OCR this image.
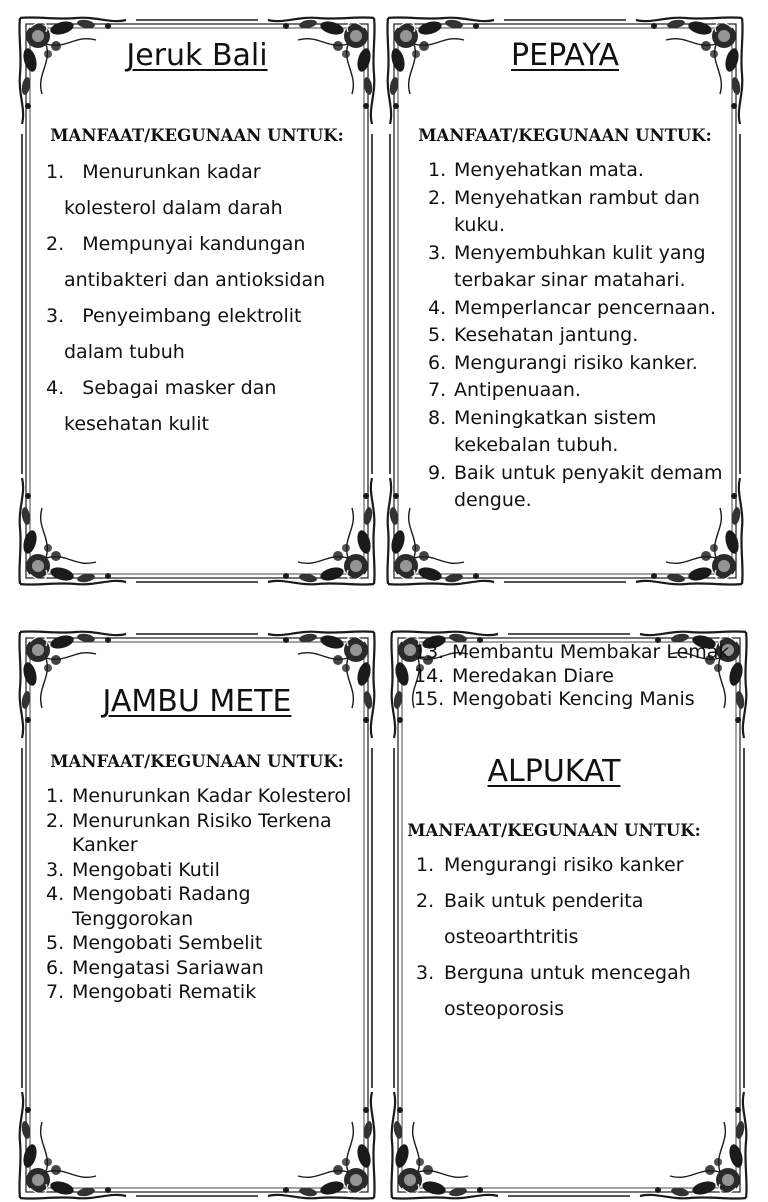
Jeruk Bali
MANFAAT/KEGUNAAN UNTUK:
1. Menurunkan kadar
kolesterol dalam darah
2. Mempunyai kandungan
antibakteri dan antioksidan
3. Penyeimbang elektrolit
dalam tubuh
4. Sebagai masker dan
kesehatan kulit
PEPAYA
MANFAAT/KEGUNAAN UNTUK:
1. Menyehatkan mata.
2. Menyehatkan rambut dan kuku.
3. Menyembuhkan kulit yang terbakar sinar matahari.
4. Memperlancar pencernaan.
5. Kesehatan jantung.
6. Mengurangi risiko kanker.
7. Antipenuaan.
8. Meningkatkan sistem kekebalan tubuh.
9. Baik untuk penyakit demam dengue.
JAMBU METE
MANFAAT/KEGUNAAN UNTUK:
1. Menurunkan Kadar Kolesterol
2. Menurunkan Risiko Terkena Kanker
3. Mengobati Kutil
4. Mengobati Radang Tenggorokan
5. Mengobati Sembelit
6. Mengatasi Sariawan
7. Mengobati Rematik
13. Membantu Membakar Lemak
14. Meredakan Diare
15. Mengobati Kencing Manis
ALPUKAT
MANFAAT/KEGUNAAN UNTUK:
1. Mengurangi risiko kanker
2. Baik untuk penderita osteoarthtritis
3. Berguna untuk mencegah osteoporosis
